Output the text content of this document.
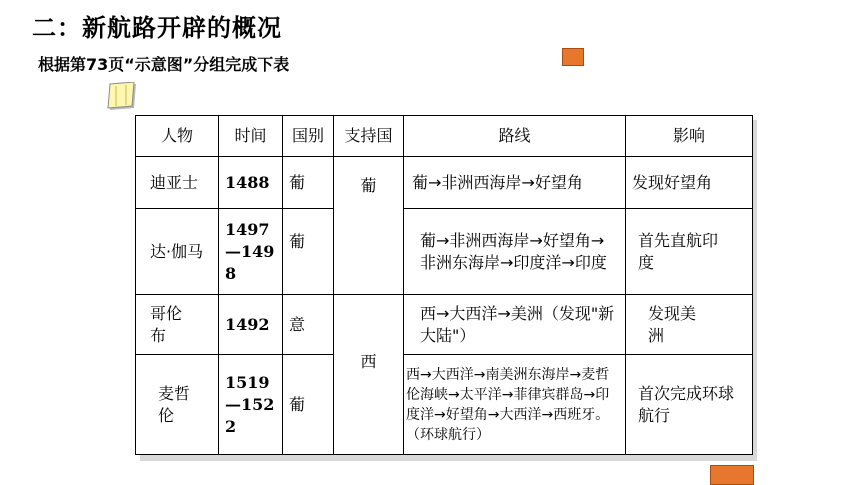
二：新航路开辟的概况
根据第73页“示意图”分组完成下表
人物	时间	国别	支持国	路线	影响
迪亚士	1488	葡	葡	葡→非洲西海岸→好望角	发现好望角
达·伽马	1497—1498	葡		葡→非洲西海岸→好望角→非洲东海岸→印度洋→印度	首先直航印度
哥伦布	1492	意	西	西→大西洋→美洲（发现"新大陆"）	发现美洲
麦哲伦	1519—1522	葡		西→大西洋→南美洲东海岸→麦哲伦海峡→太平洋→菲律宾群岛→印度洋→好望角→大西洋→西班牙。（环球航行）	首次完成环球航行
